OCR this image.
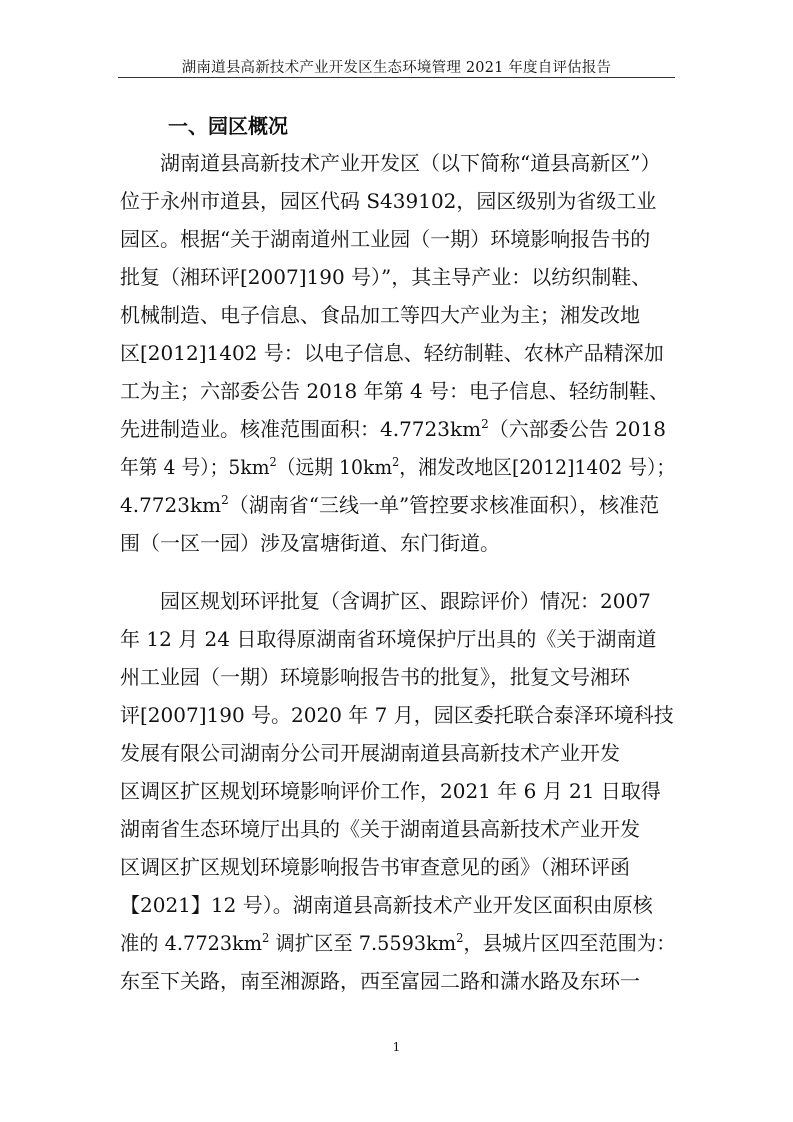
湖南道县高新技术产业开发区生态环境管理 2021 年度自评估报告
一、园区概况
湖南道县高新技术产业开发区（以下简称“道县高新区”）
位于永州市道县，园区代码 S439102，园区级别为省级工业
园区。根据“关于湖南道州工业园（一期）环境影响报告书的
批复（湘环评[2007]190 号）”，其主导产业：以纺织制鞋、
机械制造、电子信息、食品加工等四大产业为主；湘发改地
区[2012]1402 号：以电子信息、轻纺制鞋、农林产品精深加
工为主；六部委公告 2018 年第 4 号：电子信息、轻纺制鞋、
先进制造业。核准范围面积：$4.7723km^2$（六部委公告 2018
年第 4 号）；$5km^2$（远期 $10km^2$，湘发改地区[2012]1402 号）；
$4.7723km^2$（湖南省“三线一单”管控要求核准面积），核准范
围（一区一园）涉及富塘街道、东门街道。
园区规划环评批复（含调扩区、跟踪评价）情况：2007
年 12 月 24 日取得原湖南省环境保护厅出具的《关于湖南道
州工业园（一期）环境影响报告书的批复》，批复文号湘环
评[2007]190 号。2020 年 7 月，园区委托联合泰泽环境科技
发展有限公司湖南分公司开展湖南道县高新技术产业开发
区调区扩区规划环境影响评价工作，2021 年 6 月 21 日取得
湖南省生态环境厅出具的《关于湖南道县高新技术产业开发
区调区扩区规划环境影响报告书审查意见的函》（湘环评函
【2021】12 号）。湖南道县高新技术产业开发区面积由原核
准的 $4.7723km^2$ 调扩区至 $7.5593km^2$，县城片区四至范围为：
东至下关路，南至湘源路，西至富园二路和潇水路及东环一
1
